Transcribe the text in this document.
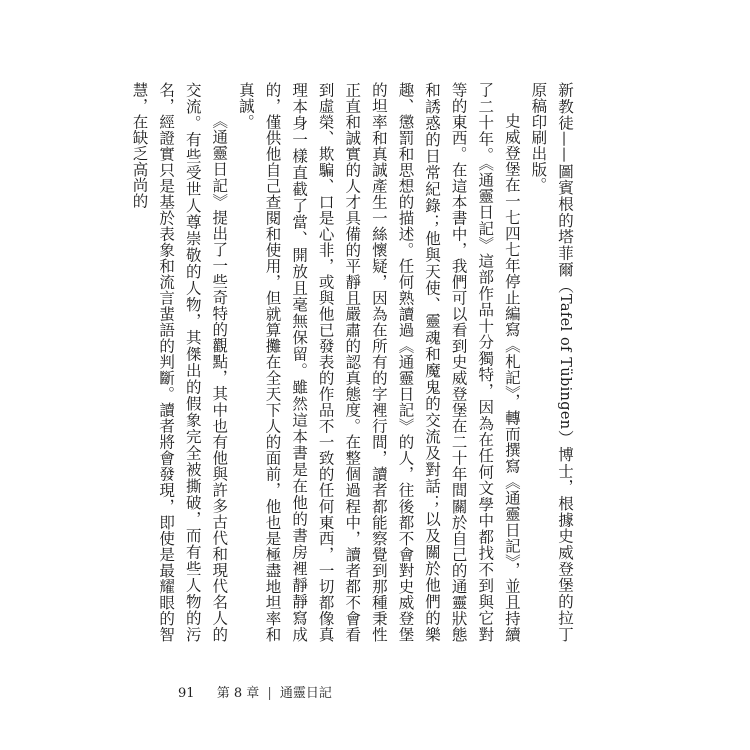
新教徒——圖賓根的塔菲爾（Tafel of Tübingen）博士，根據史威登堡的拉丁原稿印刷出版。

史威登堡在一七四七年停止編寫《札記》，轉而撰寫《通靈日記》，並且持續了二十年。《通靈日記》這部作品十分獨特，因為在任何文學中都找不到與它對等的東西。在這本書中，我們可以看到史威登堡在二十年間關於自己的通靈狀態和誘惑的日常紀錄；他與天使、靈魂和魔鬼的交流及對話；以及關於他們的樂趣、懲罰和思想的描述。任何熟讀過《通靈日記》的人，往後都不會對史威登堡的坦率和真誠產生一絲懷疑，因為在所有的字裡行間，讀者都能察覺到那種秉性正直和誠實的人才具備的平靜且嚴肅的認真態度。在整個過程中，讀者都不會看到虛榮、欺騙、口是心非，或與他已發表的作品不一致的任何東西，一切都像真理本身一樣直截了當、開放且毫無保留。雖然這本書是在他的書房裡靜靜寫成的，僅供他自己查閱和使用，但就算攤在全天下人的面前，他也是極盡地坦率和真誠。

《通靈日記》提出了一些奇特的觀點，其中也有他與許多古代和現代名人的交流。有些受世人尊崇敬的人物，其傑出的假象完全被撕破，而有些人物的污名，經證實只是基於表象和流言蜚語的判斷。讀者將會發現，即使是最耀眼的智慧，在缺乏高尚的

91 第 8 章 | 通靈日記
